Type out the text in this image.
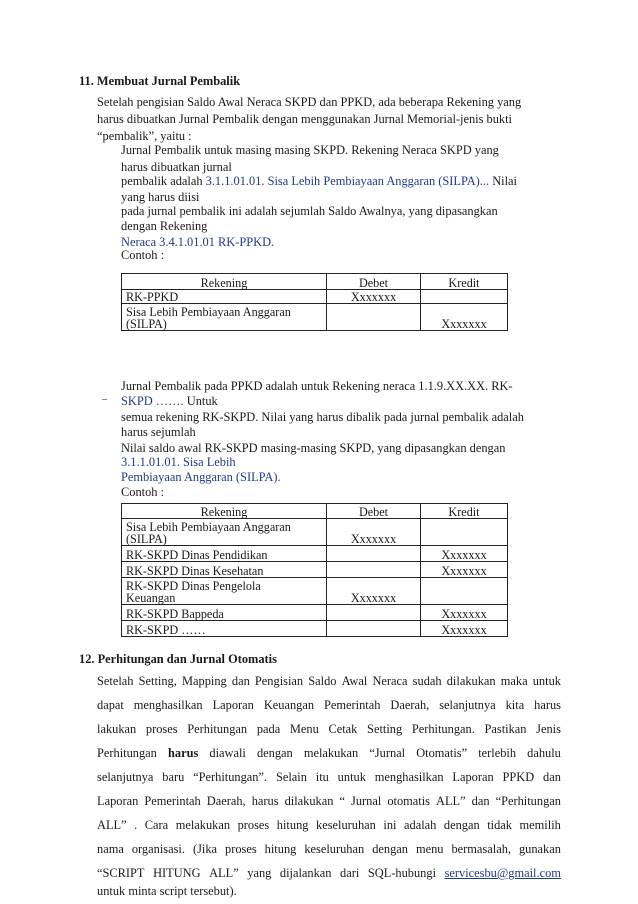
11. Membuat Jurnal Pembalik
Setelah pengisian Saldo Awal Neraca SKPD dan PPKD, ada beberapa Rekening yang
harus dibuatkan Jurnal Pembalik dengan menggunakan Jurnal Memorial-jenis bukti
“pembalik”, yaitu :
Jurnal Pembalik untuk masing masing SKPD. Rekening Neraca SKPD yang
harus dibuatkan jurnal
pembalik adalah 3.1.1.01.01. Sisa Lebih Pembiayaan Anggaran (SILPA)... Nilai
yang harus diisi
pada jurnal pembalik ini adalah sejumlah Saldo Awalnya, yang dipasangkan
dengan Rekening
Neraca 3.4.1.01.01 RK-PPKD.
Contoh :
Rekening	Debet	Kredit
RK-PPKD	Xxxxxxx	

Sisa Lebih Pembiayaan Anggaran
(SILPA)		Xxxxxxx
Jurnal Pembalik pada PPKD adalah untuk Rekening neraca 1.1.9.XX.XX. RK-
– SKPD ……. Untuk
semua rekening RK-SKPD. Nilai yang harus dibalik pada jurnal pembalik adalah
harus sejumlah
Nilai saldo awal RK-SKPD masing-masing SKPD, yang dipasangkan dengan
3.1.1.01.01. Sisa Lebih
Pembiayaan Anggaran (SILPA).
Contoh :
Rekening	Debet	Kredit

Sisa Lebih Pembiayaan Anggaran
(SILPA)	Xxxxxxx	
RK-SKPD Dinas Pendidikan		Xxxxxxx
RK-SKPD Dinas Kesehatan		Xxxxxxx

RK-SKPD Dinas Pengelola
Keuangan	Xxxxxxx	
RK-SKPD Bappeda		Xxxxxxx
RK-SKPD ……		Xxxxxxx
12. Perhitungan dan Jurnal Otomatis
Setelah Setting, Mapping dan Pengisian Saldo Awal Neraca sudah dilakukan maka untuk
dapat menghasilkan Laporan Keuangan Pemerintah Daerah, selanjutnya kita harus
lakukan proses Perhitungan pada Menu Cetak Setting Perhitungan. Pastikan Jenis
Perhitungan harus diawali dengan melakukan “Jurnal Otomatis” terlebih dahulu
selanjutnya baru “Perhitungan”. Selain itu untuk menghasilkan Laporan PPKD dan
Laporan Pemerintah Daerah, harus dilakukan “ Jurnal otomatis ALL” dan “Perhitungan
ALL” . Cara melakukan proses hitung keseluruhan ini adalah dengan tidak memilih
nama organisasi. (Jika proses hitung keseluruhan dengan menu bermasalah, gunakan
“SCRIPT HITUNG ALL” yang dijalankan dari SQL-hubungi servicesbu@gmail.com
untuk minta script tersebut).
